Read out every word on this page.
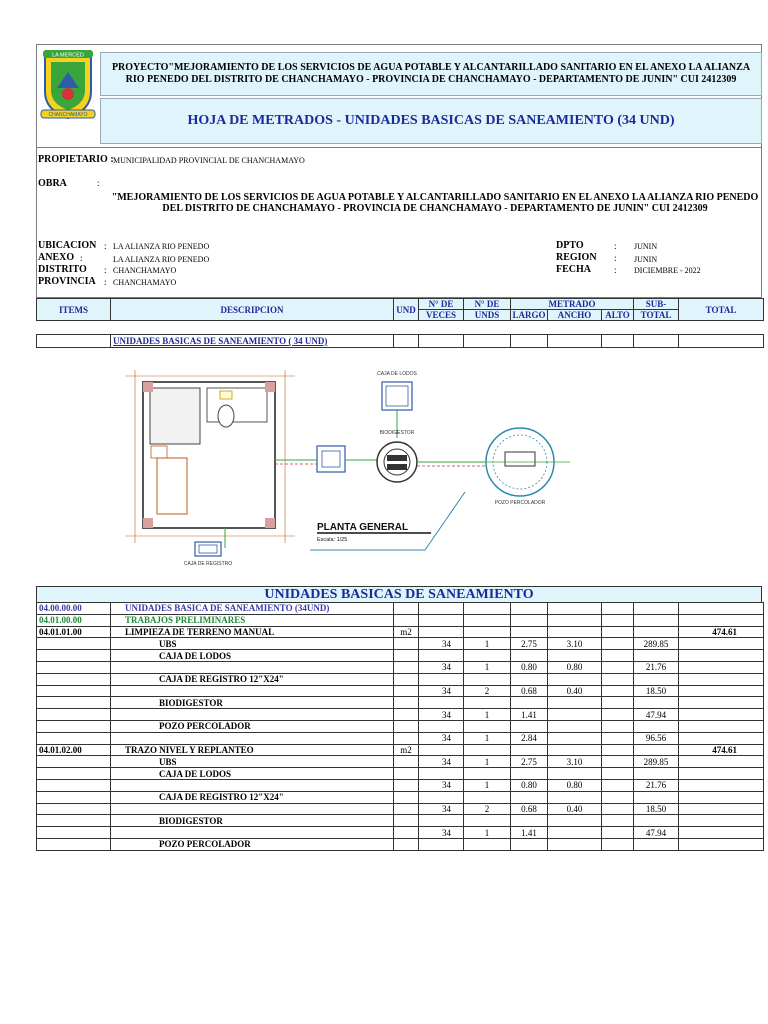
LA MERCED
CHANCHAMAYO
PROYECTO"MEJORAMIENTO DE LOS SERVICIOS DE AGUA POTABLE Y ALCANTARILLADO SANITARIO EN EL ANEXO LA ALIANZA RIO PENEDO DEL DISTRITO DE CHANCHAMAYO - PROVINCIA DE CHANCHAMAYO - DEPARTAMENTO DE JUNIN" CUI 2412309
HOJA DE METRADOS - UNIDADES BASICAS DE SANEAMIENTO (34 UND)
PROPIETARIO : MUNICIPALIDAD PROVINCIAL DE CHANCHAMAYO
OBRA	:
"MEJORAMIENTO DE LOS SERVICIOS DE AGUA POTABLE Y ALCANTARILLADO SANITARIO EN EL ANEXO LA ALIANZA RIO PENEDO DEL DISTRITO DE CHANCHAMAYO - PROVINCIA DE CHANCHAMAYO - DEPARTAMENTO DE JUNIN" CUI 2412309
UBICACION : LA ALIANZA RIO PENEDO
ANEXO :	LA ALIANZA RIO PENEDO
DISTRITO : CHANCHAMAYO
PROVINCIA : CHANCHAMAYO
DPTO	: JUNIN
REGION : JUNIN
FECHA	: DICIEMBRE - 2022
ITEMS	DESCRIPCION	UND	N° DE	N° DE	METRADO			SUB-	TOTAL
			VECES	UNDS	LARGO	ANCHO	ALTO	TOTAL	
	UNIDADES BASICAS DE SANEAMIENTO ( 34 UND)								
CAJA DE LODOS
BIODIGESTOR
POZO PERCOLADOR
CAJA DE REGISTRO
PLANTA GENERAL
Escala: 1/25
UNIDADES BASICAS DE SANEAMIENTO
04.00.00.00	UNIDADES BASICA DE SANEAMIENTO (34UND)								
04.01.00.00	TRABAJOS PRELIMINARES								
04.01.01.00	LIMPIEZA DE TERRENO MANUAL	m2							474.61
	UBS		34	1	2.75	3.10		289.85	
	CAJA DE LODOS								
			34	1	0.80	0.80		21.76	
	CAJA DE REGISTRO 12"X24"								
			34	2	0.68	0.40		18.50	
	BIODIGESTOR								
			34	1	1.41			47.94	
	POZO PERCOLADOR								
			34	1	2.84			96.56	
04.01.02.00	TRAZO NIVEL Y REPLANTEO	m2							474.61
	UBS		34	1	2.75	3.10		289.85	
	CAJA DE LODOS								
			34	1	0.80	0.80		21.76	
	CAJA DE REGISTRO 12"X24"								
			34	2	0.68	0.40		18.50	
	BIODIGESTOR								
			34	1	1.41			47.94	
	POZO PERCOLADOR								
